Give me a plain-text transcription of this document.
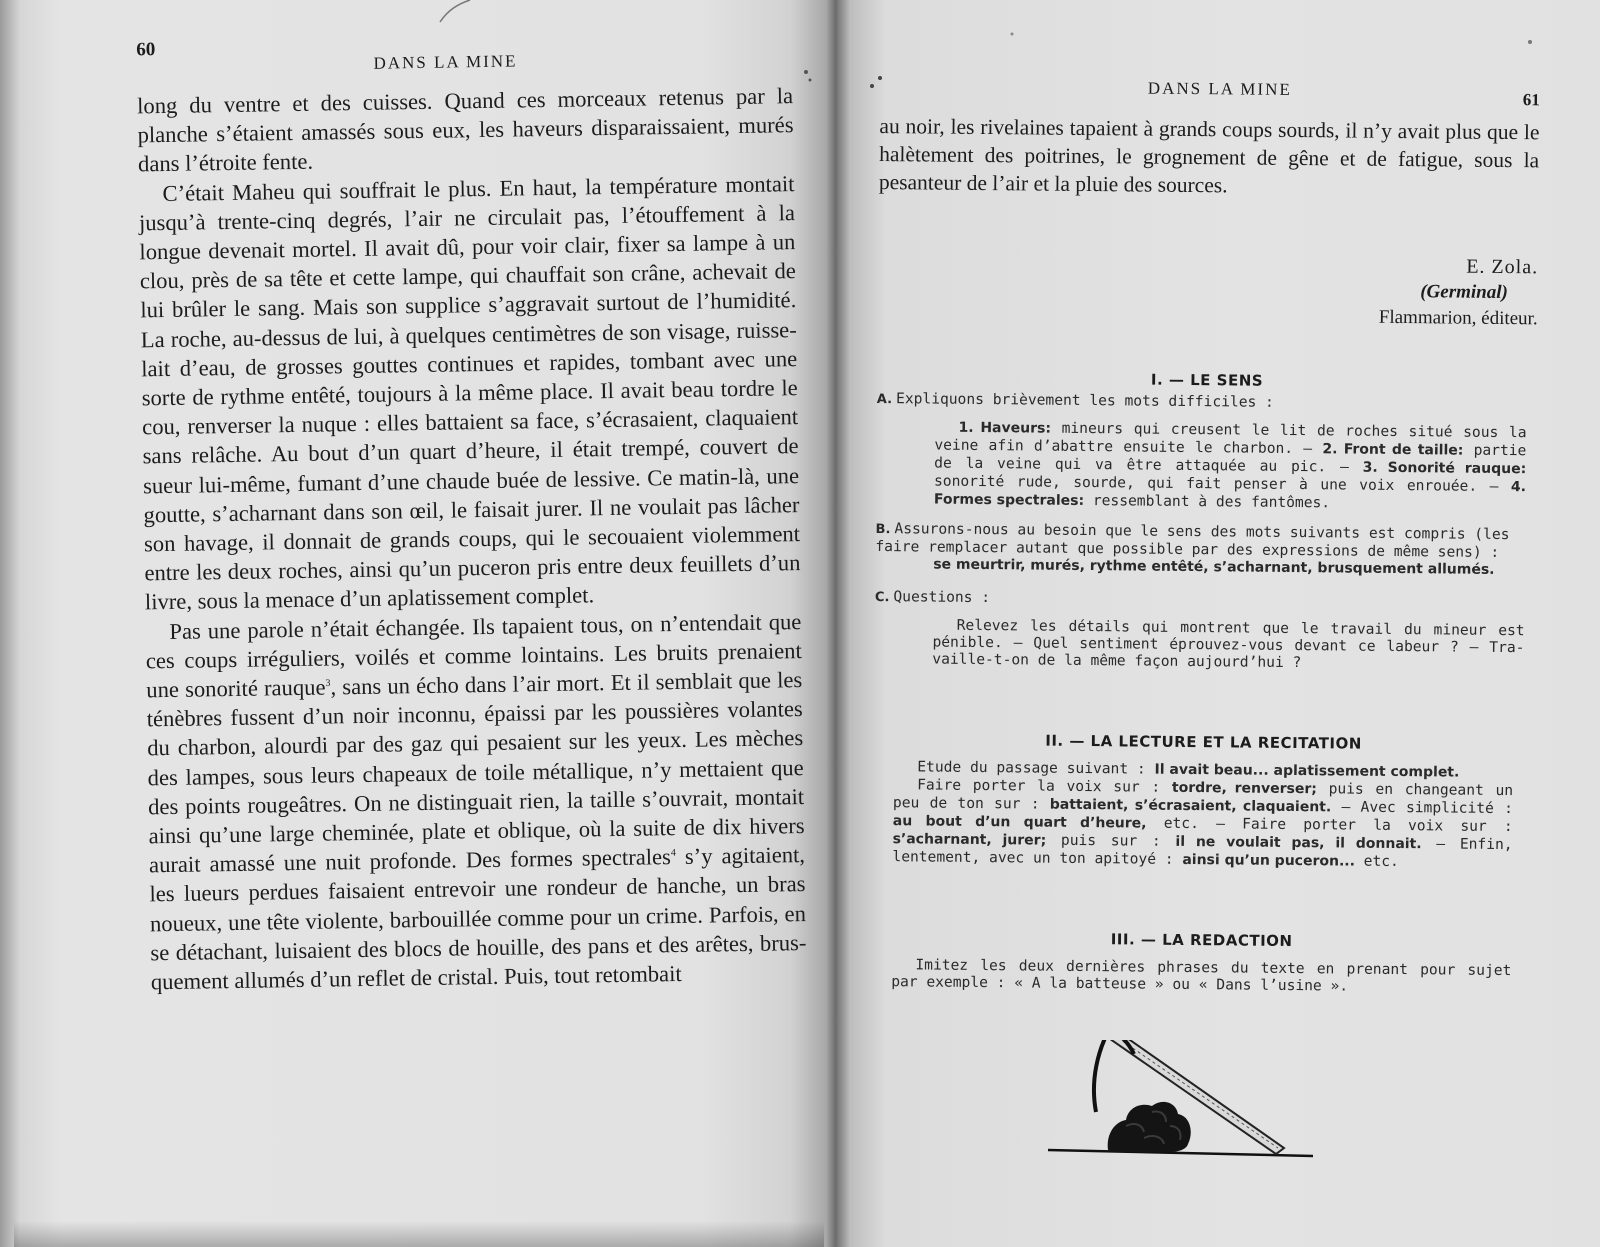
60
DANS LA MINE

long du ventre et des cuisses. Quand ces morceaux retenus par la planche s’étaient amassés sous eux, les haveurs disparaissaient, murés dans l’étroite fente.

C’était Maheu qui souffrait le plus. En haut, la température montait jusqu’à trente-cinq degrés, l’air ne circulait pas, l’étouffement à la longue devenait mortel. Il avait dû, pour voir clair, fixer sa lampe à un clou, près de sa tête et cette lampe, qui chauffait son crâne, achevait de lui brûler le sang. Mais son supplice s’aggravait surtout de l’humidité. La roche, au-dessus de lui, à quelques centimètres de son visage, ruisselait d’eau, de grosses gouttes continues et rapides, tombant avec une sorte de rythme entêté, toujours à la même place. Il avait beau tordre le cou, renverser la nuque : elles battaient sa face, s’écrasaient, claquaient sans relâche. Au bout d’un quart d’heure, il était trempé, couvert de sueur lui-même, fumant d’une chaude buée de lessive. Ce matin-là, une goutte, s’acharnant dans son œil, le faisait jurer. Il ne voulait pas lâcher son havage, il donnait de grands coups, qui le secouaient violemment entre les deux roches, ainsi qu’un puceron pris entre deux feuillets d’un livre, sous la menace d’un aplatissement complet.

Pas une parole n’était échangée. Ils tapaient tous, on n’entendait que ces coups irréguliers, voilés et comme lointains. Les bruits prenaient une sonorité rauque$^3$, sans un écho dans l’air mort. Et il semblait que les ténèbres fussent d’un noir inconnu, épaissi par les poussières volantes du charbon, alourdi par des gaz qui pesaient sur les yeux. Les mèches des lampes, sous leurs chapeaux de toile métallique, n’y mettaient que des points rougeâtres. On ne distinguait rien, la taille s’ouvrait, montait ainsi qu’une large cheminée, plate et oblique, où la suite de dix hivers aurait amassé une nuit profonde. Des formes spectrales$^4$ s’y agitaient, les lueurs perdues faisaient entrevoir une rondeur de hanche, un bras noueux, une tête violente, barbouillée comme pour un crime. Parfois, en se détachant, luisaient des blocs de houille, des pans et des arêtes, brusquement allumés d’un reflet de cristal. Puis, tout retombait

DANS LA MINE
61

au noir, les rivelaines tapaient à grands coups sourds, il n’y avait plus que le halètement des poitrines, le grognement de gêne et de fatigue, sous la pesanteur de l’air et la pluie des sources.

E. Zola.
(Germinal)
Flammarion, éditeur.
I. — LE SENS
A. Expliquons brièvement les mots difficiles :
1. Haveurs: mineurs qui creusent le lit de roches situé sous la veine afin d’abattre ensuite le charbon. — 2. Front de taille: partie de la veine qui va être attaquée au pic. — 3. Sonorité rauque: sonorité rude, sourde, qui fait penser à une voix enrouée. — 4. Formes spectrales: ressemblant à des fantômes.
B. Assurons-nous au besoin que le sens des mots suivants est compris (les faire remplacer autant que possible par des expressions de même sens) :
se meurtrir, murés, rythme entêté, s’acharnant, brusquement allumés.
C. Questions :
Relevez les détails qui montrent que le travail du mineur est pénible. — Quel sentiment éprouvez-vous devant ce labeur ? — Travaille-t-on de la même façon aujourd’hui ?
II. — LA LECTURE ET LA RECITATION
Etude du passage suivant : Il avait beau... aplatissement complet.
Faire porter la voix sur : tordre, renverser; puis en changeant un peu de ton sur : battaient, s’écrasaient, claquaient. — Avec simplicité : au bout d’un quart d’heure, etc. — Faire porter la voix sur : s’acharnant, jurer; puis sur : il ne voulait pas, il donnait. — Enfin, lentement, avec un ton apitoyé : ainsi qu’un puceron... etc.
III. — LA REDACTION
Imitez les deux dernières phrases du texte en prenant pour sujet par exemple : « A la batteuse » ou « Dans l’usine ».
